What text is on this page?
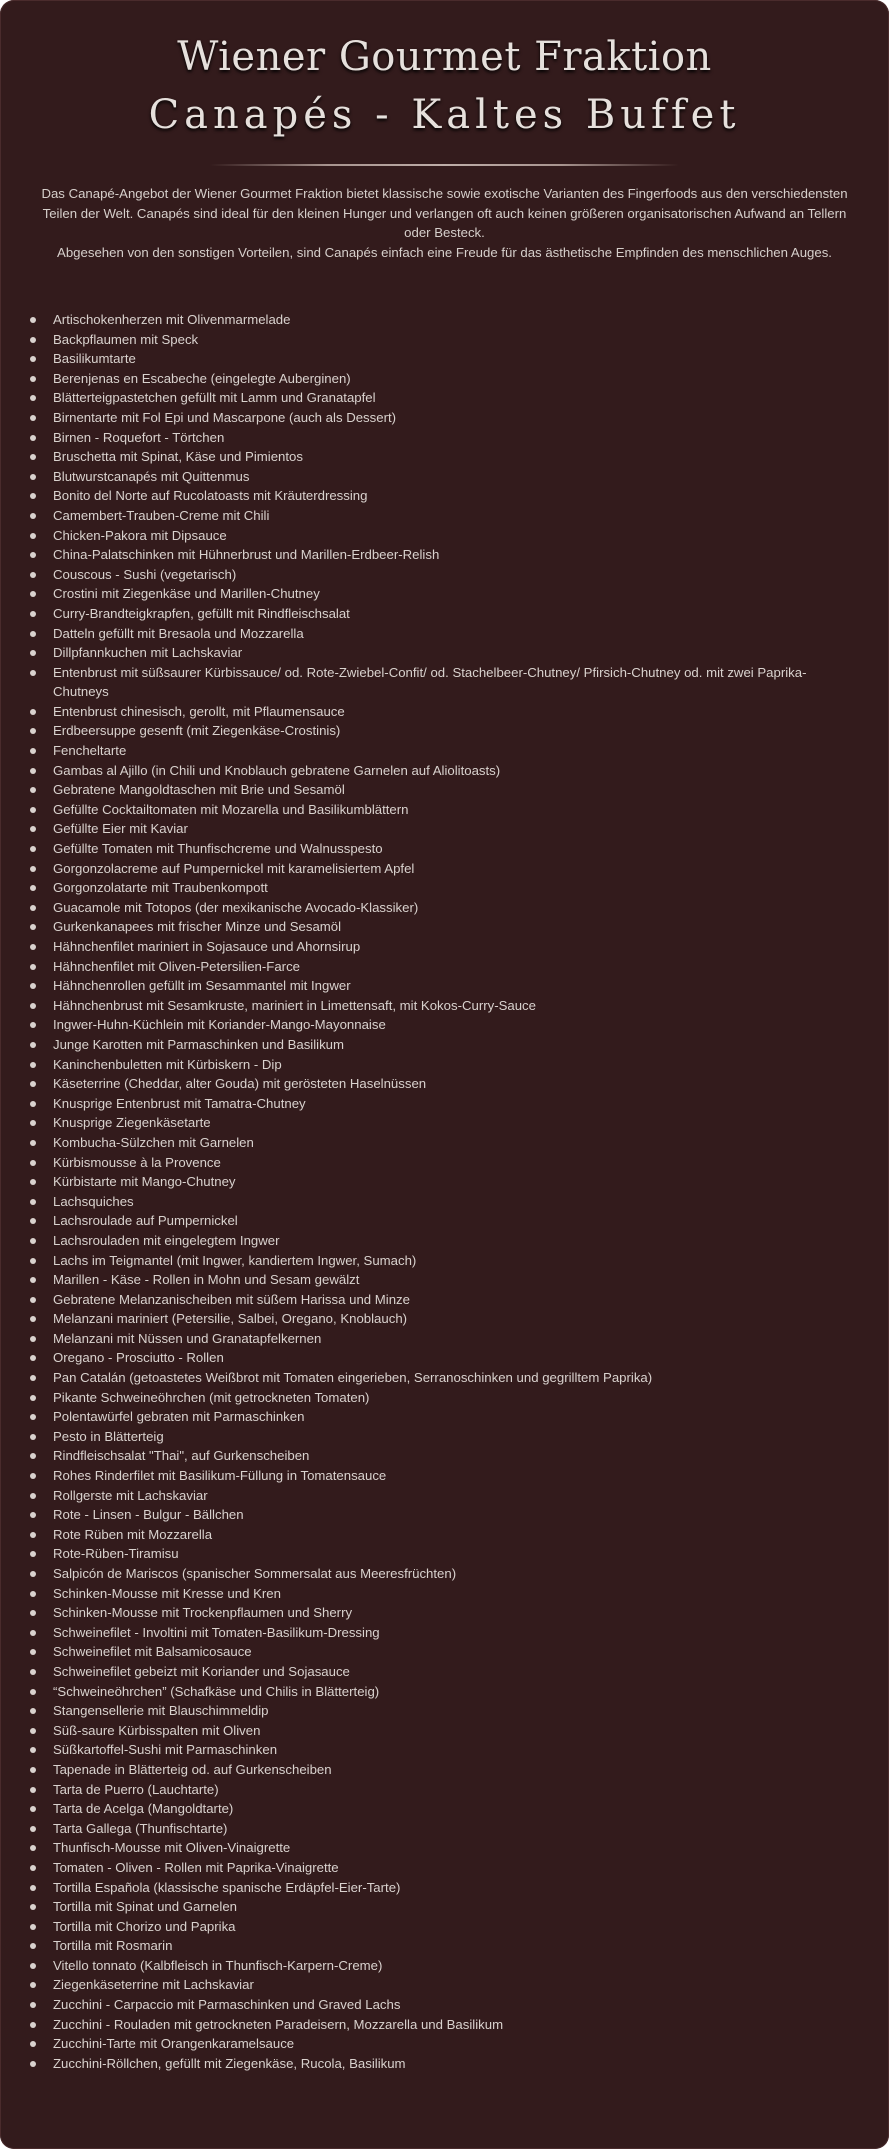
Wiener Gourmet Fraktion
Canapés - Kaltes Buffet

Das Canapé-Angebot der Wiener Gourmet Fraktion bietet klassische sowie exotische Varianten des Fingerfoods aus den verschiedensten Teilen der Welt. Canapés sind ideal für den kleinen Hunger und verlangen oft auch keinen größeren organisatorischen Aufwand an Tellern oder Besteck.

Abgesehen von den sonstigen Vorteilen, sind Canapés einfach eine Freude für das ästhetische Empfinden des menschlichen Auges.

Artischokenherzen mit Olivenmarmelade
Backpflaumen mit Speck
Basilikumtarte
Berenjenas en Escabeche (eingelegte Auberginen)
Blätterteigpastetchen gefüllt mit Lamm und Granatapfel
Birnentarte mit Fol Epi und Mascarpone (auch als Dessert)
Birnen - Roquefort - Törtchen
Bruschetta mit Spinat, Käse und Pimientos
Blutwurstcanapés mit Quittenmus
Bonito del Norte auf Rucolatoasts mit Kräuterdressing
Camembert-Trauben-Creme mit Chili
Chicken-Pakora mit Dipsauce
China-Palatschinken mit Hühnerbrust und Marillen-Erdbeer-Relish
Couscous - Sushi (vegetarisch)
Crostini mit Ziegenkäse und Marillen-Chutney
Curry-Brandteigkrapfen, gefüllt mit Rindfleischsalat
Datteln gefüllt mit Bresaola und Mozzarella
Dillpfannkuchen mit Lachskaviar
Entenbrust mit süßsaurer Kürbissauce/ od. Rote-Zwiebel-Confit/ od. Stachelbeer-Chutney/ Pfirsich-Chutney od. mit zwei Paprika-Chutneys
Entenbrust chinesisch, gerollt, mit Pflaumensauce
Erdbeersuppe gesenft (mit Ziegenkäse-Crostinis)
Fencheltarte
Gambas al Ajillo (in Chili und Knoblauch gebratene Garnelen auf Aliolitoasts)
Gebratene Mangoldtaschen mit Brie und Sesamöl
Gefüllte Cocktailtomaten mit Mozarella und Basilikumblättern
Gefüllte Eier mit Kaviar
Gefüllte Tomaten mit Thunfischcreme und Walnusspesto
Gorgonzolacreme auf Pumpernickel mit karamelisiertem Apfel
Gorgonzolatarte mit Traubenkompott
Guacamole mit Totopos (der mexikanische Avocado-Klassiker)
Gurkenkanapees mit frischer Minze und Sesamöl
Hähnchenfilet mariniert in Sojasauce und Ahornsirup
Hähnchenfilet mit Oliven-Petersilien-Farce
Hähnchenrollen gefüllt im Sesammantel mit Ingwer
Hähnchenbrust mit Sesamkruste, mariniert in Limettensaft, mit Kokos-Curry-Sauce
Ingwer-Huhn-Küchlein mit Koriander-Mango-Mayonnaise
Junge Karotten mit Parmaschinken und Basilikum
Kaninchenbuletten mit Kürbiskern - Dip
Käseterrine (Cheddar, alter Gouda) mit gerösteten Haselnüssen
Knusprige Entenbrust mit Tamatra-Chutney
Knusprige Ziegenkäsetarte
Kombucha-Sülzchen mit Garnelen
Kürbismousse à la Provence
Kürbistarte mit Mango-Chutney
Lachsquiches
Lachsroulade auf Pumpernickel
Lachsrouladen mit eingelegtem Ingwer
Lachs im Teigmantel (mit Ingwer, kandiertem Ingwer, Sumach)
Marillen - Käse - Rollen in Mohn und Sesam gewälzt
Gebratene Melanzanischeiben mit süßem Harissa und Minze
Melanzani mariniert (Petersilie, Salbei, Oregano, Knoblauch)
Melanzani mit Nüssen und Granatapfelkernen
Oregano - Prosciutto - Rollen
Pan Catalán (getoastetes Weißbrot mit Tomaten eingerieben, Serranoschinken und gegrilltem Paprika)
Pikante Schweineöhrchen (mit getrockneten Tomaten)
Polentawürfel gebraten mit Parmaschinken
Pesto in Blätterteig
Rindfleischsalat "Thai", auf Gurkenscheiben
Rohes Rinderfilet mit Basilikum-Füllung in Tomatensauce
Rollgerste mit Lachskaviar
Rote - Linsen - Bulgur - Bällchen
Rote Rüben mit Mozzarella
Rote-Rüben-Tiramisu
Salpicón de Mariscos (spanischer Sommersalat aus Meeresfrüchten)
Schinken-Mousse mit Kresse und Kren
Schinken-Mousse mit Trockenpflaumen und Sherry
Schweinefilet - Involtini mit Tomaten-Basilikum-Dressing
Schweinefilet mit Balsamicosauce
Schweinefilet gebeizt mit Koriander und Sojasauce
“Schweineöhrchen” (Schafkäse und Chilis in Blätterteig)
Stangensellerie mit Blauschimmeldip
Süß-saure Kürbisspalten mit Oliven
Süßkartoffel-Sushi mit Parmaschinken
Tapenade in Blätterteig od. auf Gurkenscheiben
Tarta de Puerro (Lauchtarte)
Tarta de Acelga (Mangoldtarte)
Tarta Gallega (Thunfischtarte)
Thunfisch-Mousse mit Oliven-Vinaigrette
Tomaten - Oliven - Rollen mit Paprika-Vinaigrette
Tortilla Española (klassische spanische Erdäpfel-Eier-Tarte)
Tortilla mit Spinat und Garnelen
Tortilla mit Chorizo und Paprika
Tortilla mit Rosmarin
Vitello tonnato (Kalbfleisch in Thunfisch-Karpern-Creme)
Ziegenkäseterrine mit Lachskaviar
Zucchini - Carpaccio mit Parmaschinken und Graved Lachs
Zucchini - Rouladen mit getrockneten Paradeisern, Mozzarella und Basilikum
Zucchini-Tarte mit Orangenkaramelsauce
Zucchini-Röllchen, gefüllt mit Ziegenkäse, Rucola, Basilikum
